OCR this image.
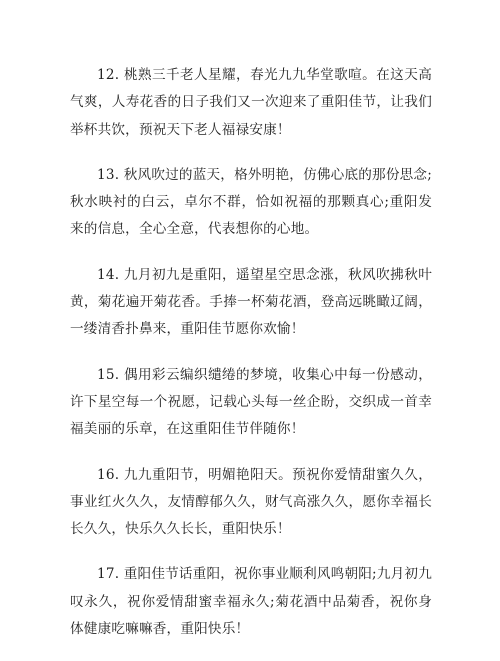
12. 桃熟三千老人星耀，春光九九华堂歌喧。在这天高气爽，人寿花香的日子我们又一次迎来了重阳佳节，让我们举杯共饮，预祝天下老人福禄安康！

13. 秋风吹过的蓝天，格外明艳，仿佛心底的那份思念;秋水映衬的白云，卓尔不群，恰如祝福的那颗真心;重阳发来的信息，全心全意，代表想你的心地。

14. 九月初九是重阳，遥望星空思念涨，秋风吹拂秋叶黄，菊花遍开菊花香。手捧一杯菊花酒，登高远眺瞰辽阔，一缕清香扑鼻来，重阳佳节愿你欢愉！

15. 偶用彩云编织缱绻的梦境，收集心中每一份感动，许下星空每一个祝愿，记载心头每一丝企盼，交织成一首幸福美丽的乐章，在这重阳佳节伴随你！

16. 九九重阳节，明媚艳阳天。预祝你爱情甜蜜久久，事业红火久久，友情醇郁久久，财气高涨久久，愿你幸福长长久久，快乐久久长长，重阳快乐！

17. 重阳佳节话重阳，祝你事业顺利风鸣朝阳;九月初九叹永久，祝你爱情甜蜜幸福永久;菊花酒中品菊香，祝你身体健康吃嘛嘛香，重阳快乐！
